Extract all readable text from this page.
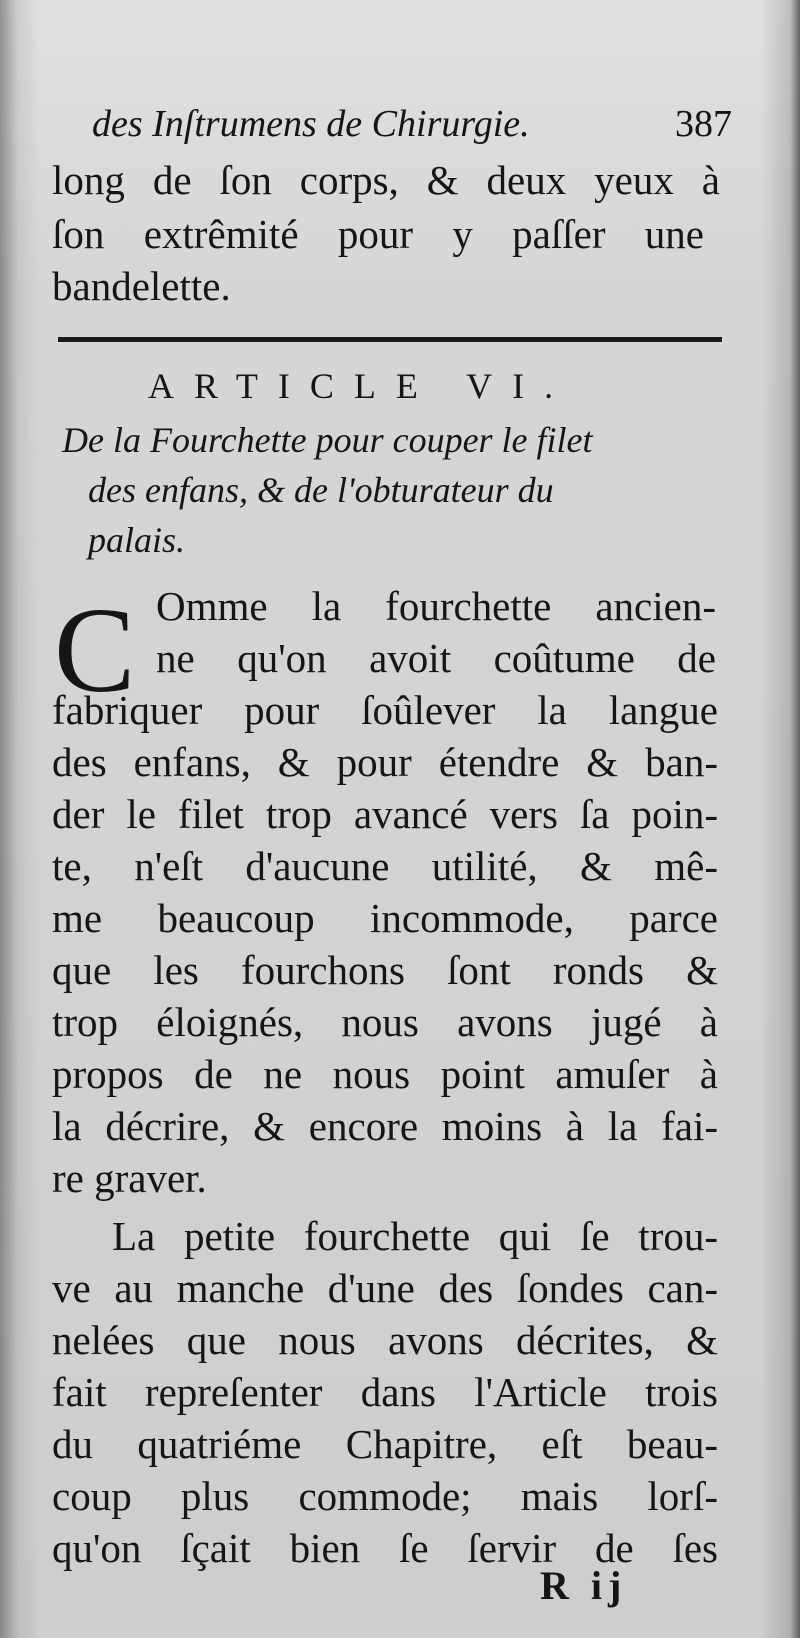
des Inſtrumens de Chirurgie.	387
long de ſon corps, & deux yeux à
ſon extrêmité pour y paſſer une
bandelette.
ARTICLE VI.
De la Fourchette pour couper le filet
des enfans, & de l'obturateur du
palais.
C Omme la fourchette ancien-
ne qu'on avoit coûtume de
fabriquer pour ſoûlever la langue
des enfans, & pour étendre & ban-
der le filet trop avancé vers ſa poin-
te, n'eſt d'aucune utilité, & mê-
me beaucoup incommode, parce
que les fourchons ſont ronds &
trop éloignés, nous avons jugé à
propos de ne nous point amuſer à
la décrire, & encore moins à la fai-
re graver.
La petite fourchette qui ſe trou-
ve au manche d'une des ſondes can-
nelées que nous avons décrites, &
fait repreſenter dans l'Article trois
du quatriéme Chapitre, eſt beau-
coup plus commode; mais lorſ-
qu'on ſçait bien ſe ſervir de ſes
R ij
